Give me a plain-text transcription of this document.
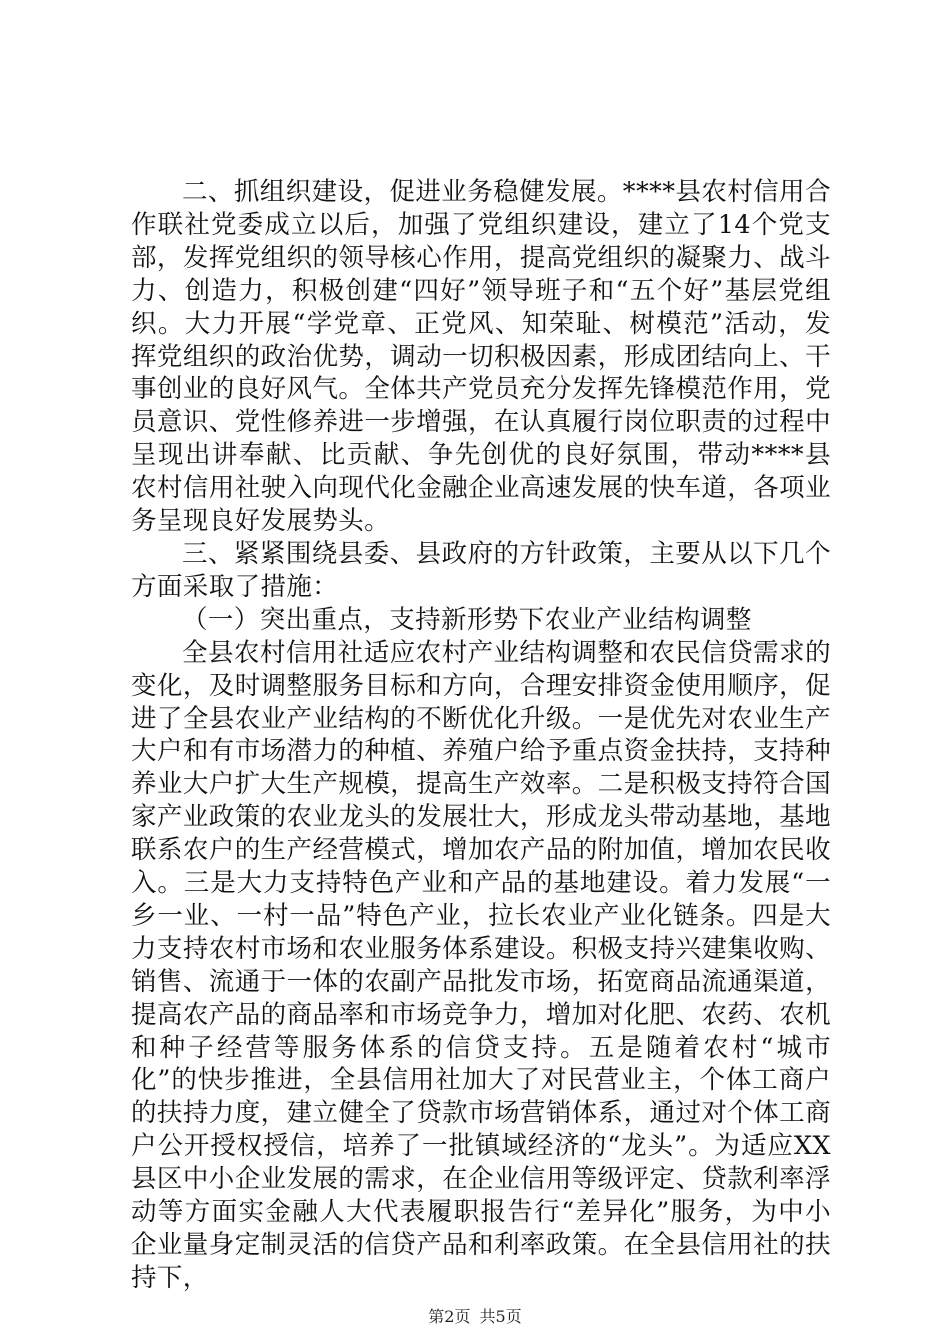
二、抓组织建设，促进业务稳健发展。****县农村信用合作联社党委成立以后，加强了党组织建设，建立了14个党支部，发挥党组织的领导核心作用，提高党组织的凝聚力、战斗力、创造力，积极创建“四好”领导班子和“五个好”基层党组织。大力开展“学党章、正党风、知荣耻、树模范”活动，发挥党组织的政治优势，调动一切积极因素，形成团结向上、干事创业的良好风气。全体共产党员充分发挥先锋模范作用，党员意识、党性修养进一步增强，在认真履行岗位职责的过程中呈现出讲奉献、比贡献、争先创优的良好氛围，带动****县农村信用社驶入向现代化金融企业高速发展的快车道，各项业务呈现良好发展势头。

三、紧紧围绕县委、县政府的方针政策，主要从以下几个方面采取了措施：

（一）突出重点，支持新形势下农业产业结构调整

全县农村信用社适应农村产业结构调整和农民信贷需求的变化，及时调整服务目标和方向，合理安排资金使用顺序，促进了全县农业产业结构的不断优化升级。一是优先对农业生产大户和有市场潜力的种植、养殖户给予重点资金扶持，支持种养业大户扩大生产规模，提高生产效率。二是积极支持符合国家产业政策的农业龙头的发展壮大，形成龙头带动基地，基地联系农户的生产经营模式，增加农产品的附加值，增加农民收入。三是大力支持特色产业和产品的基地建设。着力发展“一乡一业、一村一品”特色产业，拉长农业产业化链条。四是大力支持农村市场和农业服务体系建设。积极支持兴建集收购、销售、流通于一体的农副产品批发市场，拓宽商品流通渠道，提高农产品的商品率和市场竞争力，增加对化肥、农药、农机和种子经营等服务体系的信贷支持。五是随着农村“城市化”的快步推进，全县信用社加大了对民营业主，个体工商户的扶持力度，建立健全了贷款市场营销体系，通过对个体工商户公开授权授信，培养了一批镇域经济的“龙头”。为适应XX县区中小企业发展的需求，在企业信用等级评定、贷款利率浮动等方面实金融人大代表履职报告行“差异化”服务，为中小企业量身定制灵活的信贷产品和利率政策。在全县信用社的扶持下，

第2页 共5页
